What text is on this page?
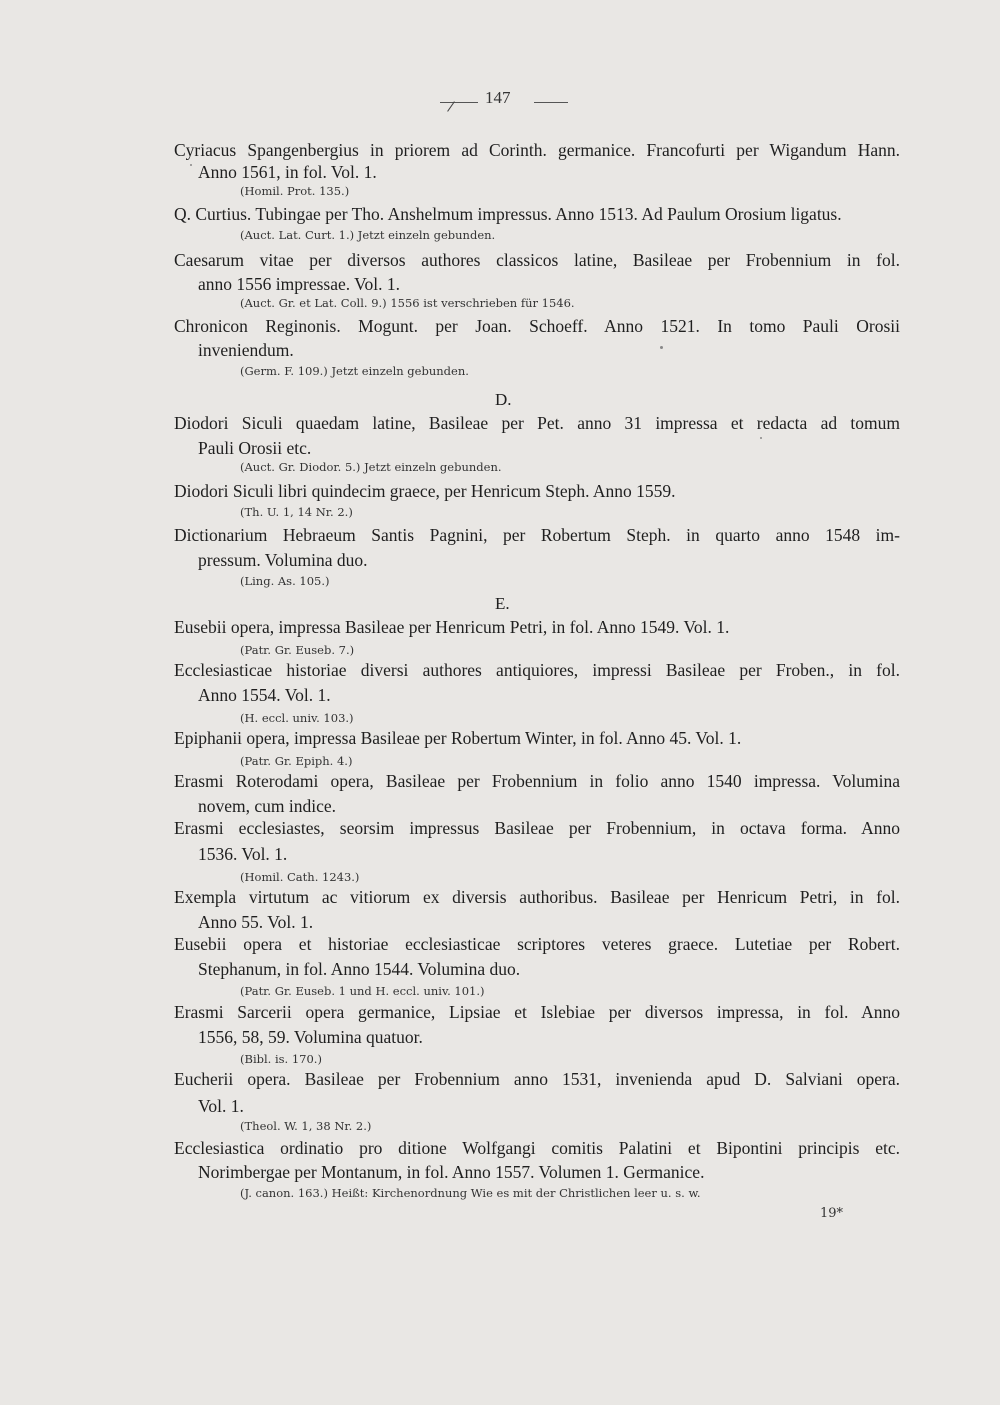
147
Cyriacus Spangenbergius in priorem ad Corinth. germanice. Francofurti per Wigandum Hann.
Anno 1561, in fol. Vol. 1.
(Homil. Prot. 135.)
Q. Curtius. Tubingae per Tho. Anshelmum impressus. Anno 1513. Ad Paulum Orosium ligatus.
(Auct. Lat. Curt. 1.) Jetzt einzeln gebunden.
Caesarum vitae per diversos authores classicos latine, Basileae per Frobennium in fol.
anno 1556 impressae. Vol. 1.
(Auct. Gr. et Lat. Coll. 9.) 1556 ist verschrieben für 1546.
Chronicon Reginonis. Mogunt. per Joan. Schoeff. Anno 1521. In tomo Pauli Orosii
inveniendum.
(Germ. F. 109.) Jetzt einzeln gebunden.
D.
Diodori Siculi quaedam latine, Basileae per Pet. anno 31 impressa et redacta ad tomum
Pauli Orosii etc.
(Auct. Gr. Diodor. 5.) Jetzt einzeln gebunden.
Diodori Siculi libri quindecim graece, per Henricum Steph. Anno 1559.
(Th. U. 1, 14 Nr. 2.)
Dictionarium Hebraeum Santis Pagnini, per Robertum Steph. in quarto anno 1548 im-
pressum. Volumina duo.
(Ling. As. 105.)
E.
Eusebii opera, impressa Basileae per Henricum Petri, in fol. Anno 1549. Vol. 1.
(Patr. Gr. Euseb. 7.)
Ecclesiasticae historiae diversi authores antiquiores, impressi Basileae per Froben., in fol.
Anno 1554. Vol. 1.
(H. eccl. univ. 103.)
Epiphanii opera, impressa Basileae per Robertum Winter, in fol. Anno 45. Vol. 1.
(Patr. Gr. Epiph. 4.)
Erasmi Roterodami opera, Basileae per Frobennium in folio anno 1540 impressa. Volumina
novem, cum indice.
Erasmi ecclesiastes, seorsim impressus Basileae per Frobennium, in octava forma. Anno
1536. Vol. 1.
(Homil. Cath. 1243.)
Exempla virtutum ac vitiorum ex diversis authoribus. Basileae per Henricum Petri, in fol.
Anno 55. Vol. 1.
Eusebii opera et historiae ecclesiasticae scriptores veteres graece. Lutetiae per Robert.
Stephanum, in fol. Anno 1544. Volumina duo.
(Patr. Gr. Euseb. 1 und H. eccl. univ. 101.)
Erasmi Sarcerii opera germanice, Lipsiae et Islebiae per diversos impressa, in fol. Anno
1556, 58, 59. Volumina quatuor.
(Bibl. is. 170.)
Eucherii opera. Basileae per Frobennium anno 1531, invenienda apud D. Salviani opera.
Vol. 1.
(Theol. W. 1, 38 Nr. 2.)
Ecclesiastica ordinatio pro ditione Wolfgangi comitis Palatini et Bipontini principis etc.
Norimbergae per Montanum, in fol. Anno 1557. Volumen 1. Germanice.
(J. canon. 163.) Heißt: Kirchenordnung Wie es mit der Christlichen leer u. s. w.
19*
